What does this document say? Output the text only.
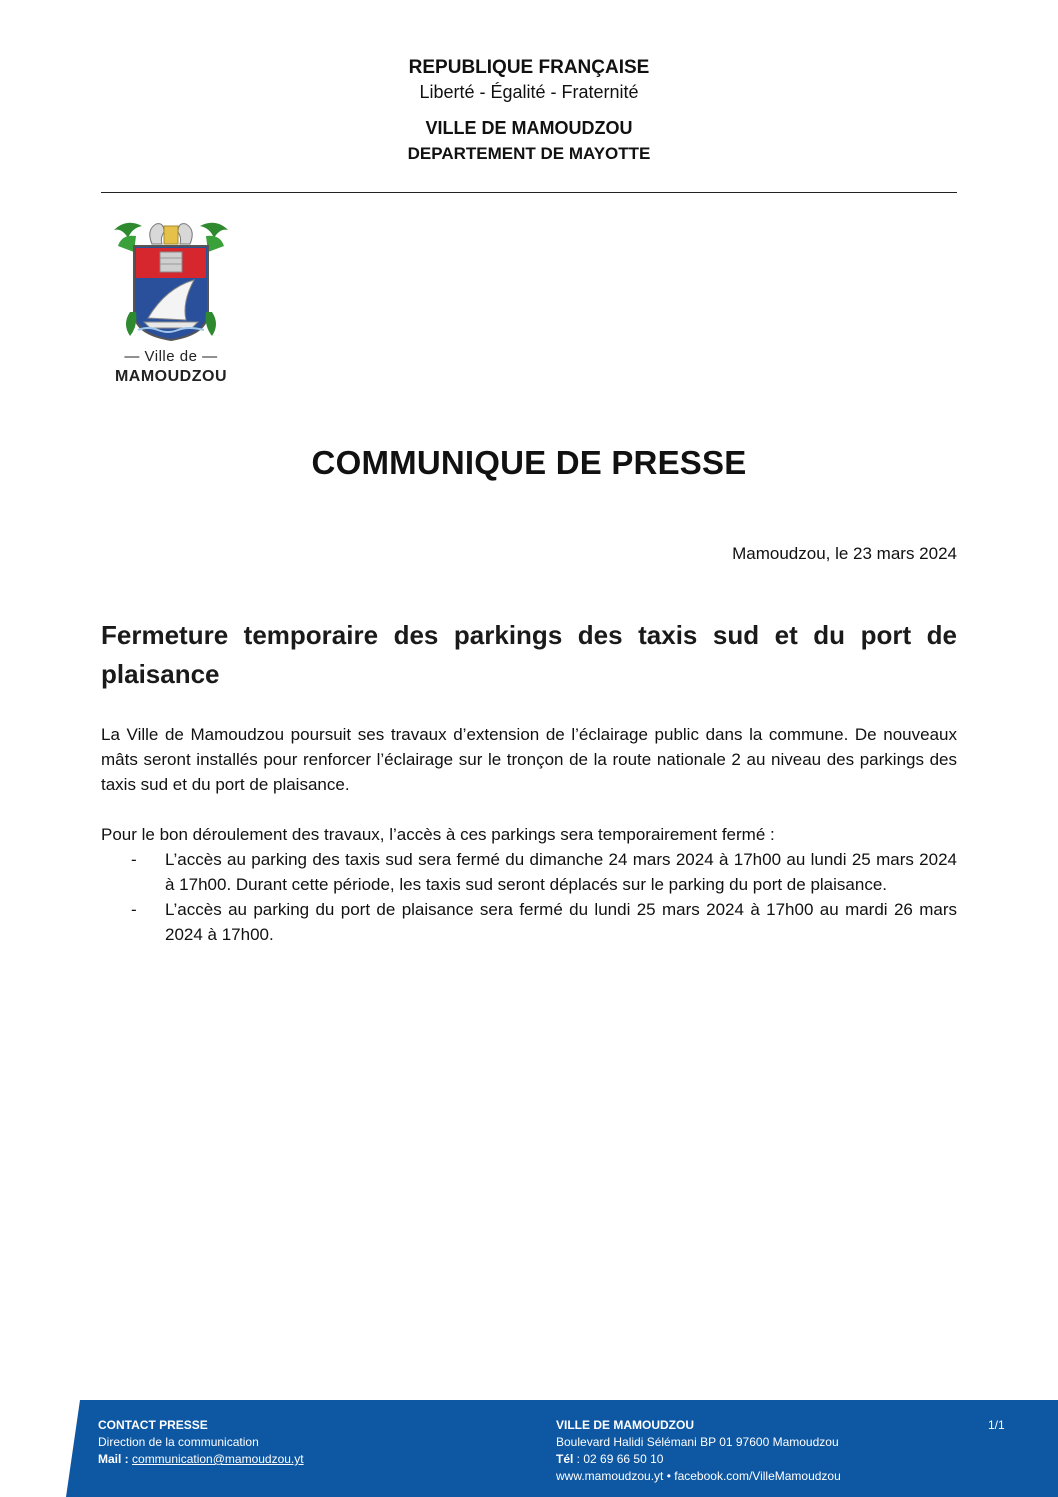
REPUBLIQUE FRANÇAISE
Liberté - Égalité - Fraternité
VILLE DE MAMOUDZOU
DEPARTEMENT DE MAYOTTE
— Ville de —
MAMOUDZOU
COMMUNIQUE DE PRESSE
Mamoudzou, le 23 mars 2024
Fermeture temporaire des parkings des taxis sud et du port de plaisance

La Ville de Mamoudzou poursuit ses travaux d’extension de l’éclairage public dans la commune. De nouveaux mâts seront installés pour renforcer l’éclairage sur le tronçon de la route nationale 2 au niveau des parkings des taxis sud et du port de plaisance.

Pour le bon déroulement des travaux, l’accès à ces parkings sera temporairement fermé :

- L’accès au parking des taxis sud sera fermé du dimanche 24 mars 2024 à 17h00 au lundi 25 mars 2024 à 17h00. Durant cette période, les taxis sud seront déplacés sur le parking du port de plaisance.
- L’accès au parking du port de plaisance sera fermé du lundi 25 mars 2024 à 17h00 au mardi 26 mars 2024 à 17h00.
CONTACT PRESSE
Direction de la communication
Mail : communication@mamoudzou.yt
VILLE DE MAMOUDZOU
Boulevard Halidi Sélémani BP 01 97600 Mamoudzou
Tél : 02 69 66 50 10
www.mamoudzou.yt • facebook.com/VilleMamoudzou
1/1
